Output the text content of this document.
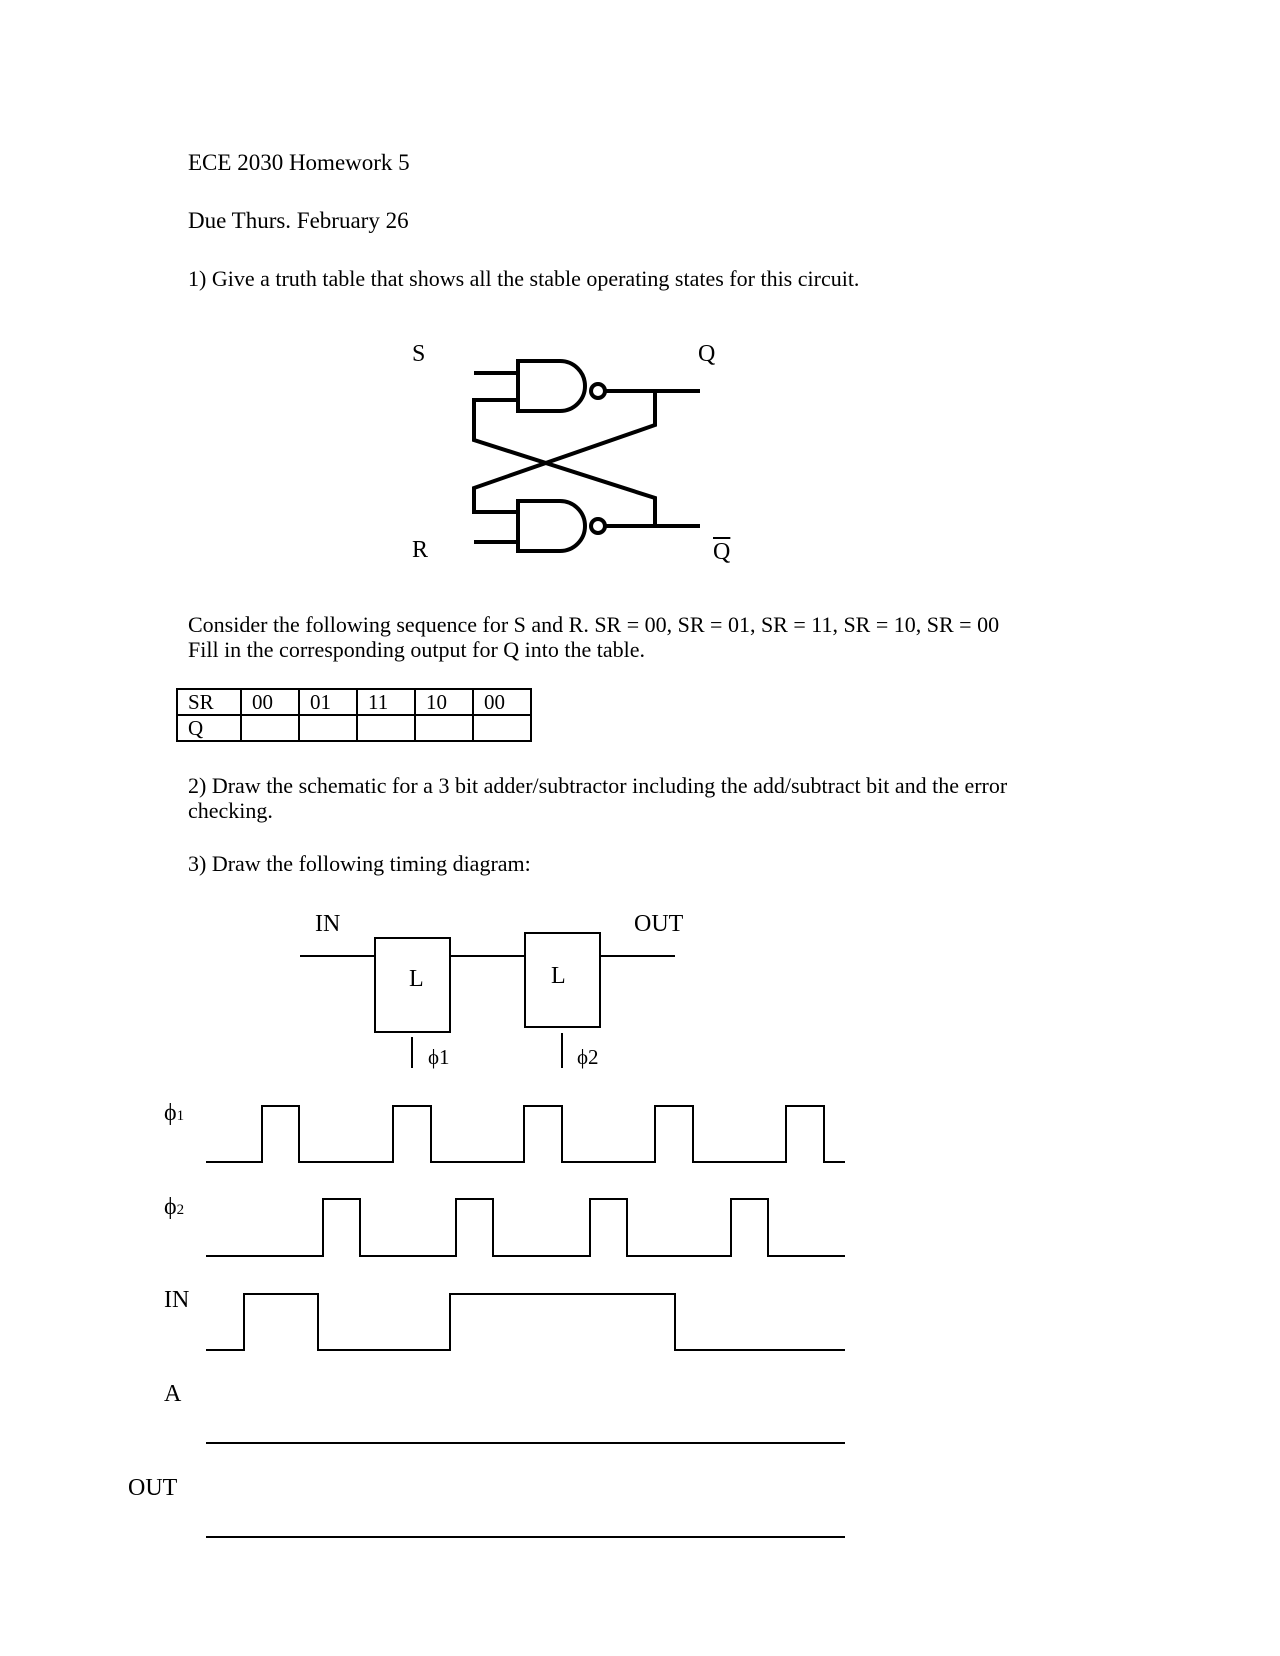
ECE 2030 Homework 5
Due Thurs. February 26
1) Give a truth table that shows all the stable operating states for this circuit.
S
R
Q
$\overline{Q}$
Consider the following sequence for S and R. SR = 00, SR = 01, SR = 11, SR = 10, SR = 00
Fill in the corresponding output for Q into the table.
SR	00	01	11	10	00
Q					
2) Draw the schematic for a 3 bit adder/subtractor including the add/subtract bit and the error
checking.
3) Draw the following timing diagram:
IN	OUT
L	L
ϕ1	ϕ2
ϕ1
ϕ2
IN
A
OUT
